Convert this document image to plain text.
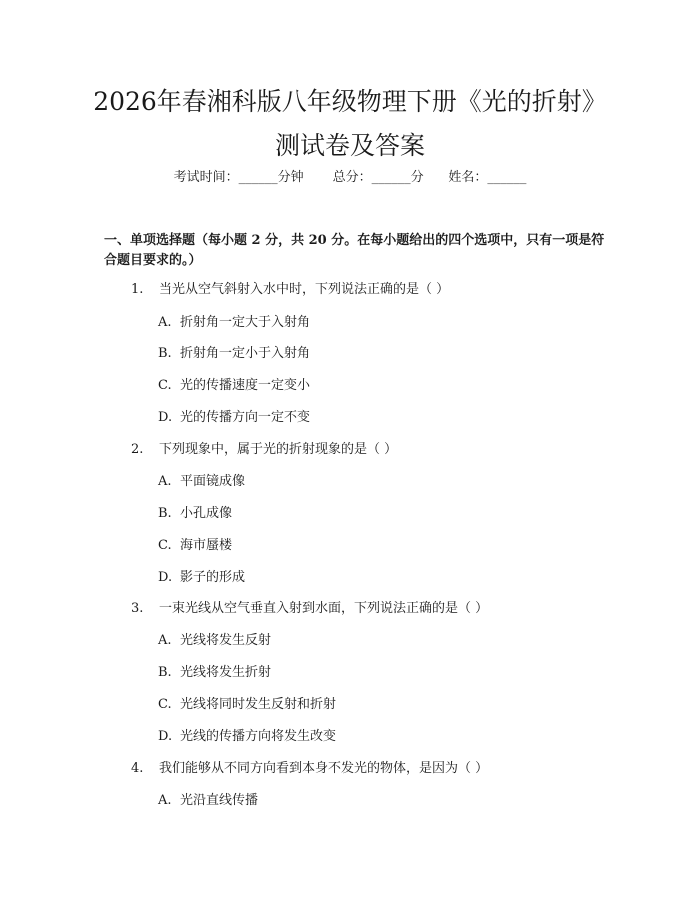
2026年春湘科版八年级物理下册《光的折射》测试卷及答案
考试时间：______分钟 总分：______分 姓名：______
一、单项选择题（每小题 2 分，共 20 分。在每小题给出的四个选项中，只有一项是符合题目要求的。）
1. 当光从空气斜射入水中时，下列说法正确的是（ ）
A. 折射角一定大于入射角
B. 折射角一定小于入射角
C. 光的传播速度一定变小
D. 光的传播方向一定不变
2. 下列现象中，属于光的折射现象的是（ ）
A. 平面镜成像
B. 小孔成像
C. 海市蜃楼
D. 影子的形成
3. 一束光线从空气垂直入射到水面，下列说法正确的是（ ）
A. 光线将发生反射
B. 光线将发生折射
C. 光线将同时发生反射和折射
D. 光线的传播方向将发生改变
4. 我们能够从不同方向看到本身不发光的物体，是因为（ ）
A. 光沿直线传播
